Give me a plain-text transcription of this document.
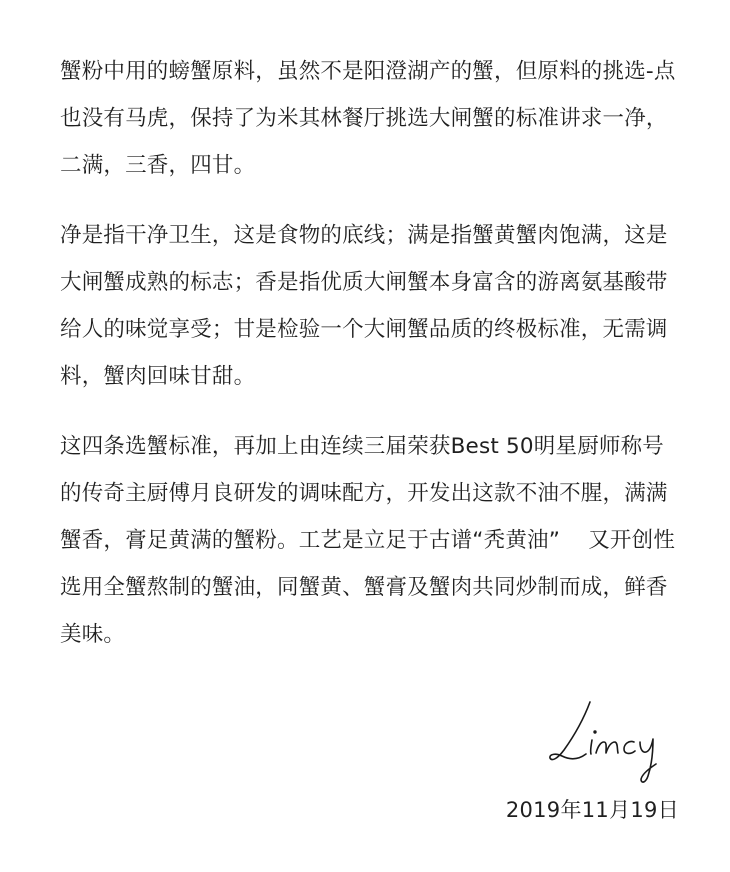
蟹粉中用的螃蟹原料，虽然不是阳澄湖产的蟹，但原料的挑选-点也没有马虎，保持了为米其林餐厅挑选大闸蟹的标准讲求一净，二满，三香，四甘。

净是指干净卫生，这是食物的底线；满是指蟹黄蟹肉饱满，这是大闸蟹成熟的标志；香是指优质大闸蟹本身富含的游离氨基酸带给人的味觉享受；甘是检验一个大闸蟹品质的终极标准，无需调料，蟹肉回味甘甜。

这四条选蟹标准，再加上由连续三届荣获Best 50明星厨师称号的传奇主厨傅月良研发的调味配方，开发出这款不油不腥，满满蟹香，膏足黄满的蟹粉。工艺是立足于古谱“秃黄油”    又开创性选用全蟹熬制的蟹油，同蟹黄、蟹膏及蟹肉共同炒制而成，鲜香美味。

2019年11月19日
